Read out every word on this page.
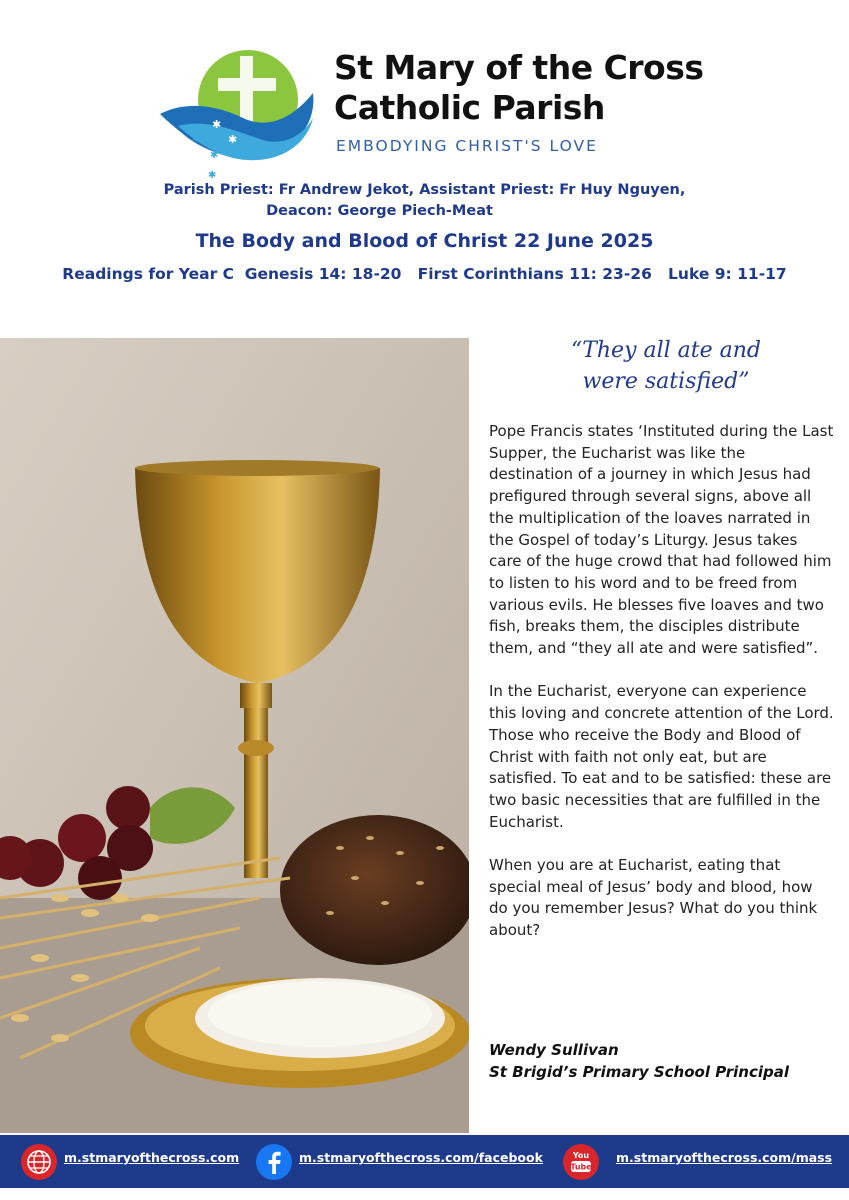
✱
✱
✱
✱
✱
St Mary of the Cross
Catholic Parish
EMBODYING CHRIST'S LOVE
Parish Priest: Fr Andrew Jekot, Assistant Priest: Fr Huy Nguyen,
Deacon: George Piech-Meat
The Body and Blood of Christ 22 June 2025
Readings for Year C  Genesis 14: 18-20   First Corinthians 11: 23-26   Luke 9: 11-17
“They all ate and
were satisfied”

Pope Francis states ‘Instituted during the Last Supper, the Eucharist was like the destination of a journey in which Jesus had prefigured through several signs, above all the multiplication of the loaves narrated in the Gospel of today’s Liturgy. Jesus takes care of the huge crowd that had followed him to listen to his word and to be freed from various evils. He blesses five loaves and two fish, breaks them, the disciples distribute them, and “they all ate and were satisfied”.

In the Eucharist, everyone can experience this loving and concrete attention of the Lord. Those who receive the Body and Blood of Christ with faith not only eat, but are satisfied. To eat and to be satisfied: these are two basic necessities that are fulfilled in the Eucharist.

When you are at Eucharist, eating that special meal of Jesus’ body and blood, how do you remember Jesus? What do you think about?

Wendy Sullivan
St Brigid’s Primary School Principal
m.stmaryofthecross.com	m.stmaryofthecross.com/facebook	You
Tube
m.stmaryofthecross.com/mass
